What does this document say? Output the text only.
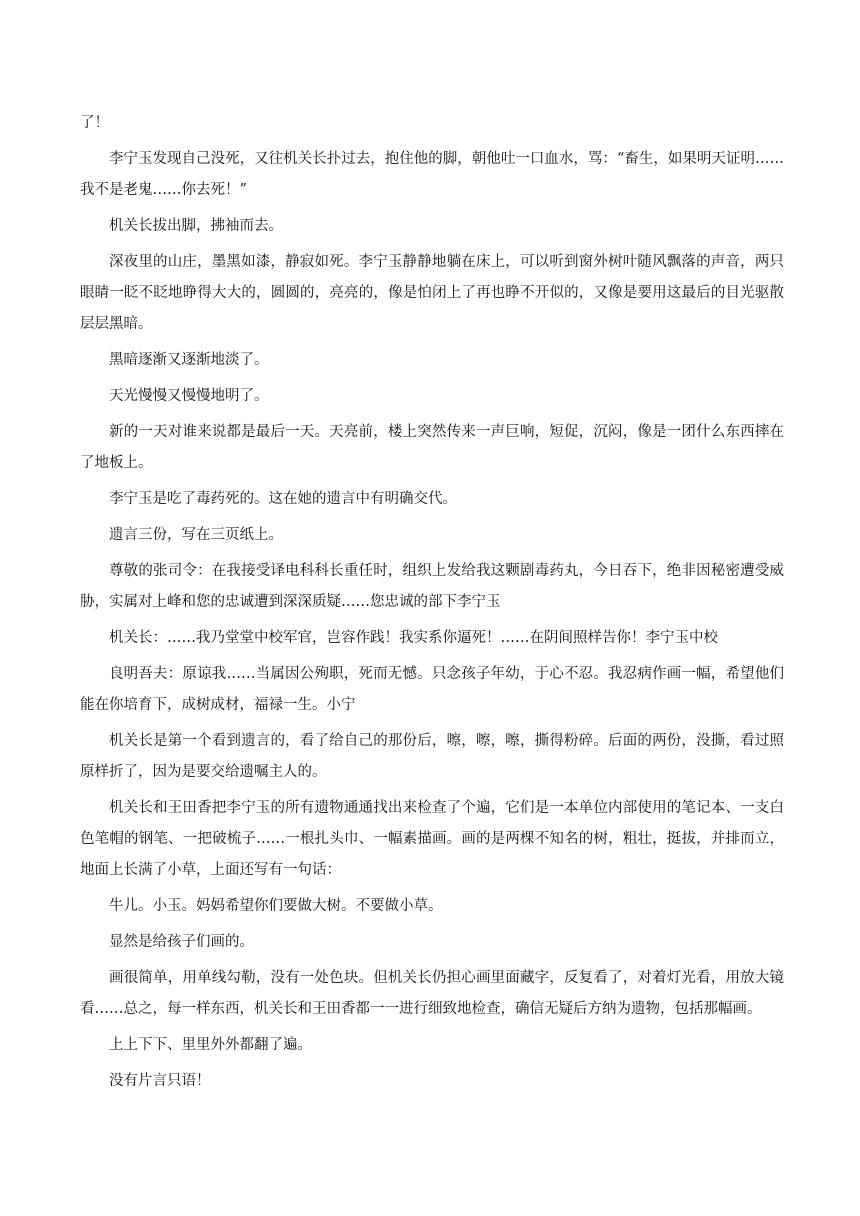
了！

李宁玉发现自己没死，又往机关长扑过去，抱住他的脚，朝他吐一口血水，骂：“畜生，如果明天证明……我不是老鬼……你去死！”

机关长拔出脚，拂袖而去。

深夜里的山庄，墨黑如漆，静寂如死。李宁玉静静地躺在床上，可以听到窗外树叶随风飘落的声音，两只眼睛一眨不眨地睁得大大的，圆圆的，亮亮的，像是怕闭上了再也睁不开似的，又像是要用这最后的目光驱散层层黑暗。

黑暗逐渐又逐渐地淡了。

天光慢慢又慢慢地明了。

新的一天对谁来说都是最后一天。天亮前，楼上突然传来一声巨响，短促，沉闷，像是一团什么东西摔在了地板上。

李宁玉是吃了毒药死的。这在她的遗言中有明确交代。

遗言三份，写在三页纸上。

尊敬的张司令：在我接受译电科科长重任时，组织上发给我这颗剧毒药丸，今日吞下，绝非因秘密遭受威胁，实属对上峰和您的忠诚遭到深深质疑……您忠诚的部下李宁玉

机关长：……我乃堂堂中校军官，岂容作践！我实系你逼死！……在阴间照样告你！李宁玉中校

良明吾夫：原谅我……当属因公殉职，死而无憾。只念孩子年幼，于心不忍。我忍病作画一幅，希望他们能在你培育下，成树成材，福禄一生。小宁

机关长是第一个看到遗言的，看了给自己的那份后，嚓，嚓，嚓，撕得粉碎。后面的两份，没撕，看过照原样折了，因为是要交给遗嘱主人的。

机关长和王田香把李宁玉的所有遗物通通找出来检查了个遍，它们是一本单位内部使用的笔记本、一支白色笔帽的钢笔、一把破梳子……一根扎头巾、一幅素描画。画的是两棵不知名的树，粗壮，挺拔，并排而立，地面上长满了小草，上面还写有一句话：

牛儿。小玉。妈妈希望你们要做大树。不要做小草。

显然是给孩子们画的。

画很简单，用单线勾勒，没有一处色块。但机关长仍担心画里面藏字，反复看了，对着灯光看，用放大镜看……总之，每一样东西，机关长和王田香都一一进行细致地检查，确信无疑后方纳为遗物，包括那幅画。

上上下下、里里外外都翻了遍。

没有片言只语！
